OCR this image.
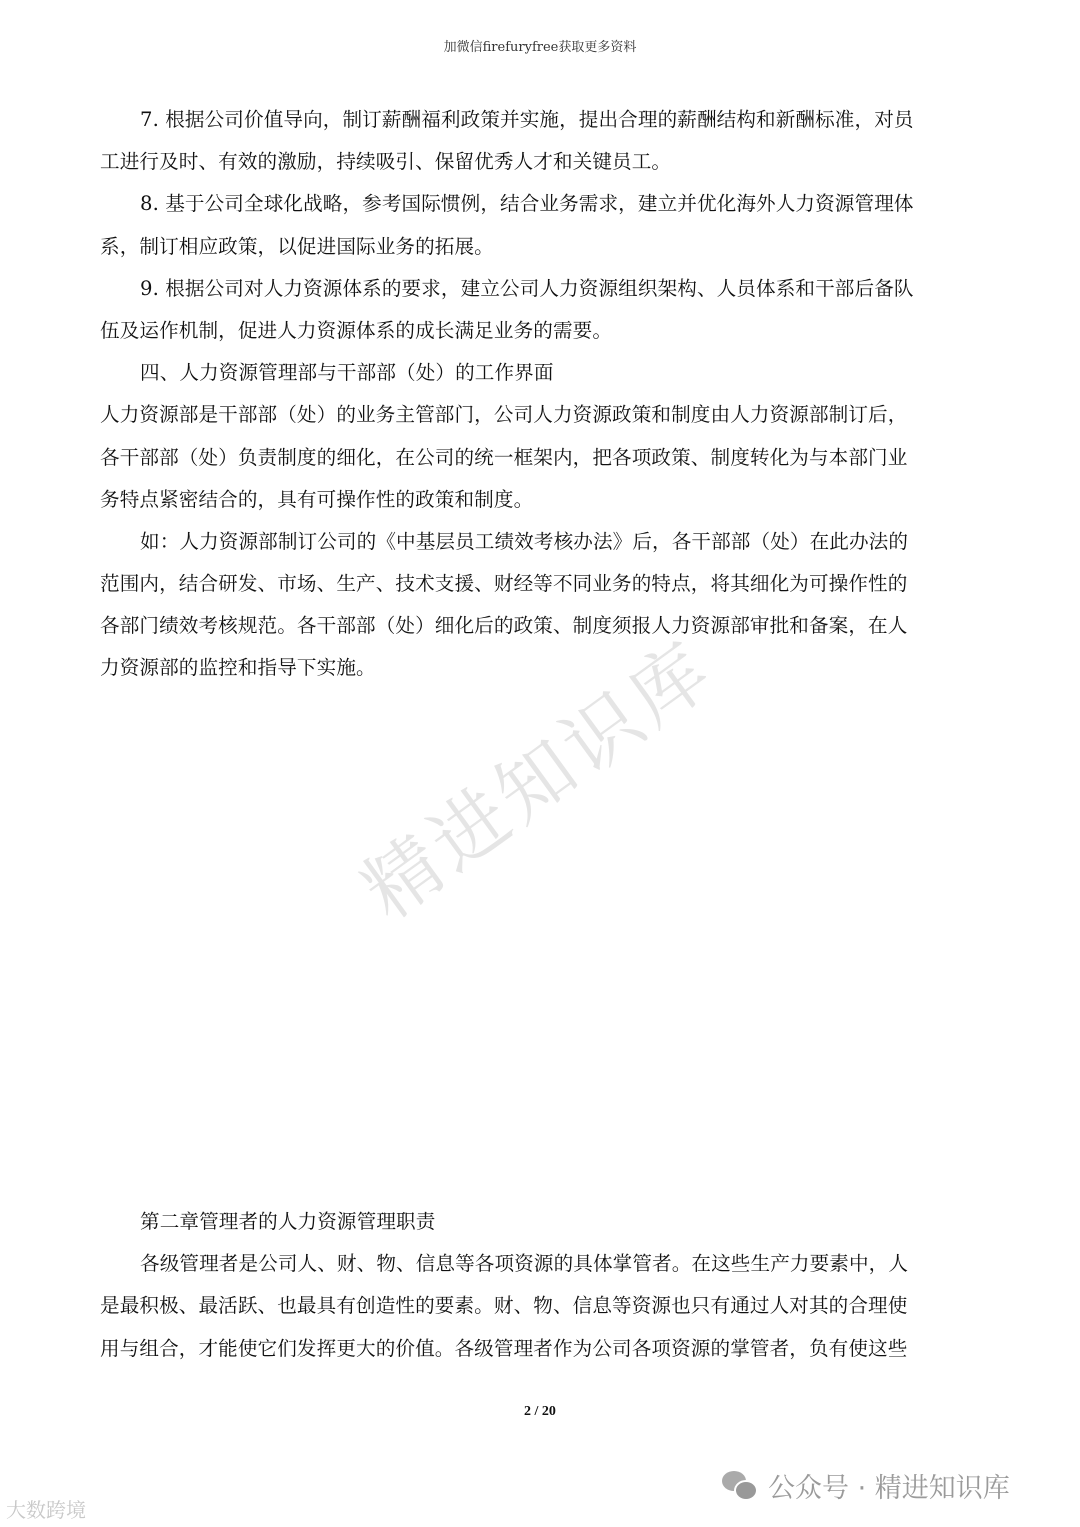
加微信firefuryfree获取更多资料
精进知识库
7. 根据公司价值导向，制订薪酬福利政策并实施，提出合理的薪酬结构和新酬标准，对员
工进行及时、有效的激励，持续吸引、保留优秀人才和关键员工。
8. 基于公司全球化战略，参考国际惯例，结合业务需求，建立并优化海外人力资源管理体
系，制订相应政策，以促进国际业务的拓展。
9. 根据公司对人力资源体系的要求，建立公司人力资源组织架构、人员体系和干部后备队
伍及运作机制，促进人力资源体系的成长满足业务的需要。
四、人力资源管理部与干部部（处）的工作界面
人力资源部是干部部（处）的业务主管部门，公司人力资源政策和制度由人力资源部制订后，
各干部部（处）负责制度的细化，在公司的统一框架内，把各项政策、制度转化为与本部门业
务特点紧密结合的，具有可操作性的政策和制度。
如：人力资源部制订公司的《中基层员工绩效考核办法》后，各干部部（处）在此办法的
范围内，结合研发、市场、生产、技术支援、财经等不同业务的特点，将其细化为可操作性的
各部门绩效考核规范。各干部部（处）细化后的政策、制度须报人力资源部审批和备案，在人
力资源部的监控和指导下实施。
第二章管理者的人力资源管理职责
各级管理者是公司人、财、物、信息等各项资源的具体掌管者。在这些生产力要素中，人
是最积极、最活跃、也最具有创造性的要素。财、物、信息等资源也只有通过人对其的合理使
用与组合，才能使它们发挥更大的价值。各级管理者作为公司各项资源的掌管者，负有使这些
2 / 20
公众号 · 精进知识库
大数跨境
